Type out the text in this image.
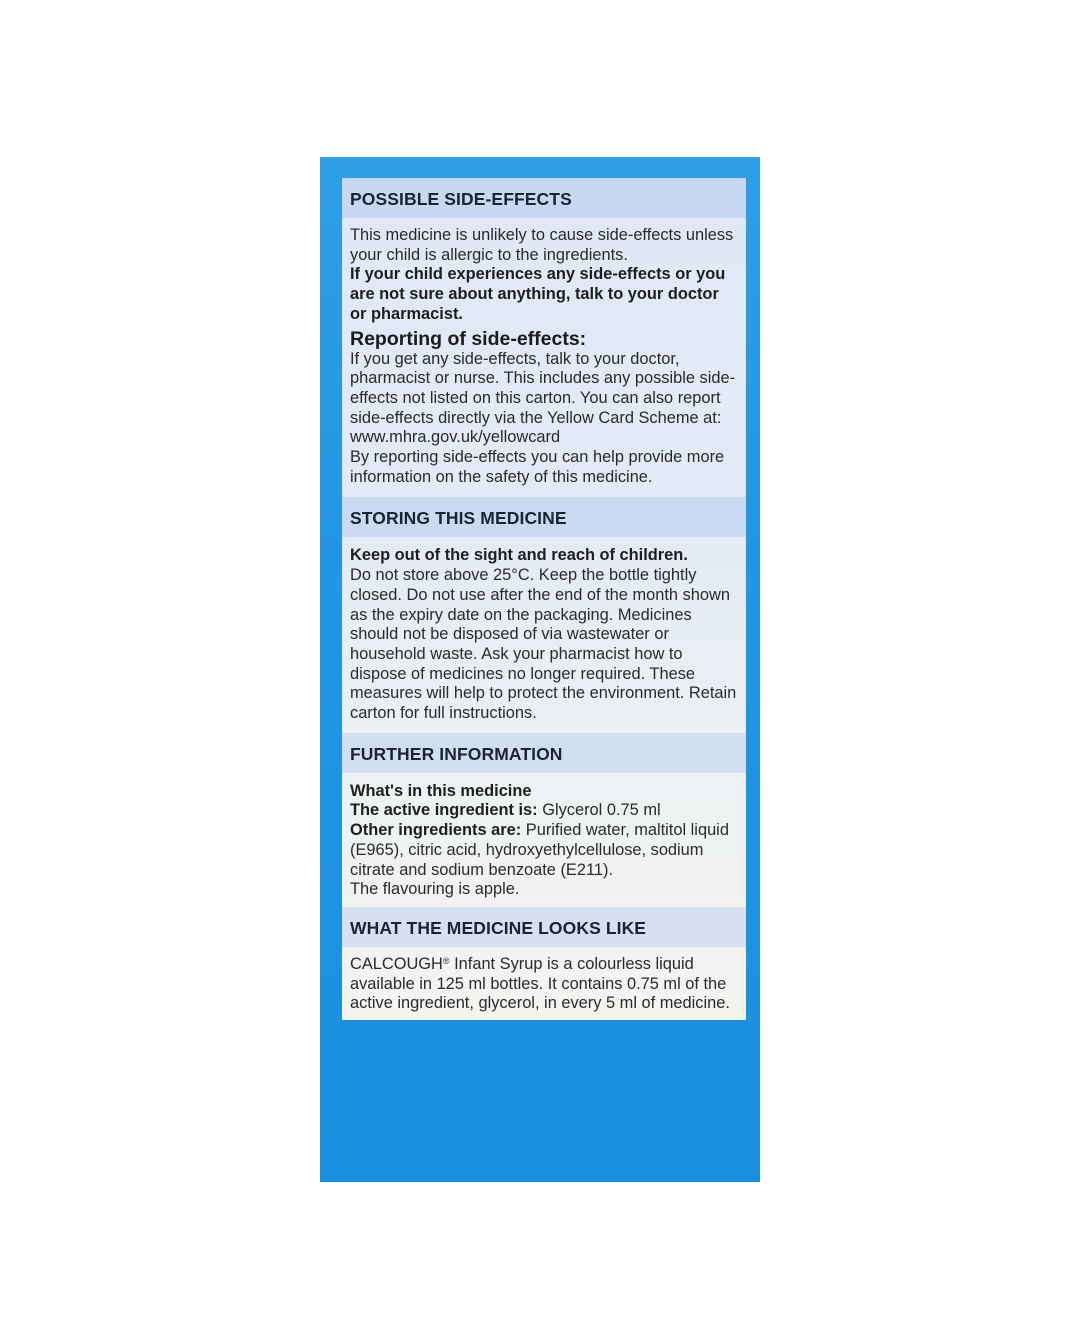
POSSIBLE SIDE-EFFECTS
This medicine is unlikely to cause side-effects unless your child is allergic to the ingredients.
If your child experiences any side-effects or you are not sure about anything, talk to your doctor or pharmacist.
Reporting of side-effects:
If you get any side-effects, talk to your doctor, pharmacist or nurse. This includes any possible side-effects not listed on this carton. You can also report side-effects directly via the Yellow Card Scheme at: www.mhra.gov.uk/yellowcard
By reporting side-effects you can help provide more information on the safety of this medicine.
STORING THIS MEDICINE
Keep out of the sight and reach of children.
Do not store above 25°C. Keep the bottle tightly closed. Do not use after the end of the month shown as the expiry date on the packaging. Medicines should not be disposed of via wastewater or household waste. Ask your pharmacist how to dispose of medicines no longer required. These measures will help to protect the environment. Retain carton for full instructions.
FURTHER INFORMATION
What's in this medicine
The active ingredient is: Glycerol 0.75 ml
Other ingredients are: Purified water, maltitol liquid (E965), citric acid, hydroxyethylcellulose, sodium citrate and sodium benzoate (E211).
The flavouring is apple.
WHAT THE MEDICINE LOOKS LIKE
CALCOUGH® Infant Syrup is a colourless liquid available in 125 ml bottles. It contains 0.75 ml of the active ingredient, glycerol, in every 5 ml of medicine.
